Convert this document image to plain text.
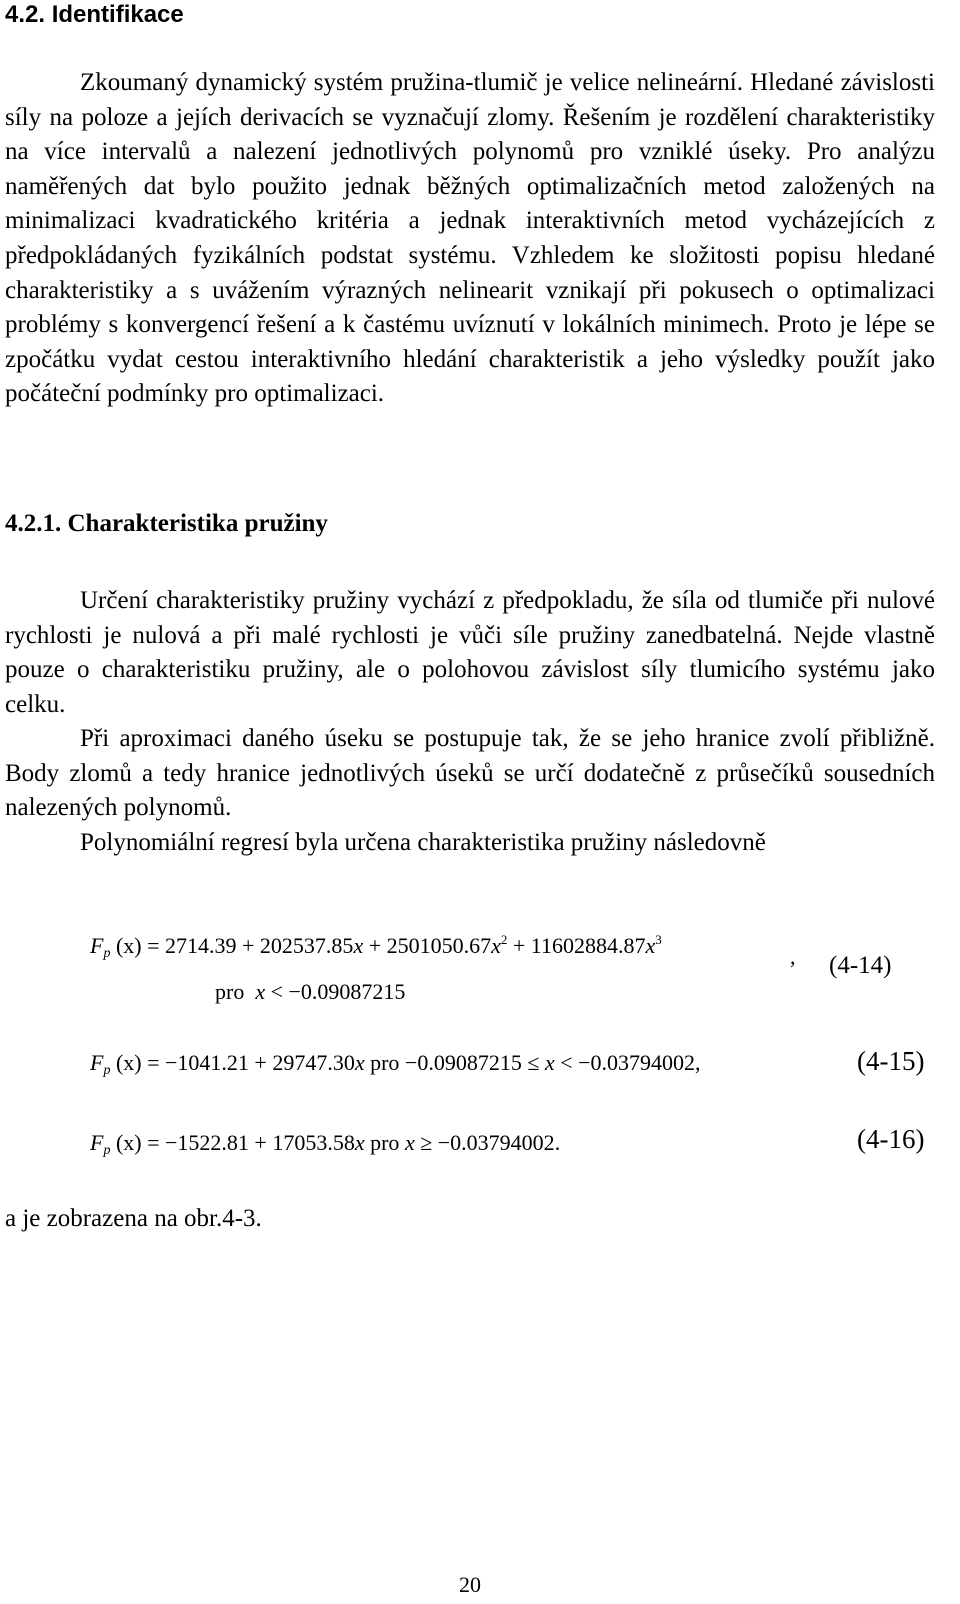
4.2. Identifikace

Zkoumaný dynamický systém pružina-tlumič je velice nelineární. Hledané závislosti síly na poloze a jejích derivacích se vyznačují zlomy. Řešením je rozdělení charakteristiky na více intervalů a nalezení jednotlivých polynomů pro vzniklé úseky. Pro analýzu naměřených dat bylo použito jednak běžných optimalizačních metod založených na minimalizaci kvadratického kritéria a jednak interaktivních metod vycházejících z předpokládaných fyzikálních podstat systému. Vzhledem ke složitosti popisu hledané charakteristiky a s uvážením výrazných nelinearit vznikají při pokusech o optimalizaci problémy s konvergencí řešení a k častému uvíznutí v lokálních minimech. Proto je lépe se zpočátku vydat cestou interaktivního hledání charakteristik a jeho výsledky použít jako počáteční podmínky pro optimalizaci.

4.2.1. Charakteristika pružiny

Určení charakteristiky pružiny vychází z předpokladu, že síla od tlumiče při nulové rychlosti je nulová a při malé rychlosti je vůči síle pružiny zanedbatelná. Nejde vlastně pouze o charakteristiku pružiny, ale o polohovou závislost síly tlumicího systému jako celku.

Při aproximaci daného úseku se postupuje tak, že se jeho hranice zvolí přibližně. Body zlomů a tedy hranice jednotlivých úseků se určí dodatečně z průsečíků sousedních nalezených polynomů.

Polynomiální regresí byla určena charakteristika pružiny následovně

$F_p$ $(x) = 2714.39 + 202537.85x + 2501050.67x^2 + 11602884.87x^3$
pro x < −0.09087215
, (4-14)
$F_p$ (x) = −1041.21 + 29747.30x pro −0.09087215 ≤ x < −0.03794002,	(4-15)
$F_p$ (x) = −1522.81 + 17053.58x pro x ≥ −0.03794002.	(4-16)

a je zobrazena na obr.4-3.

20
